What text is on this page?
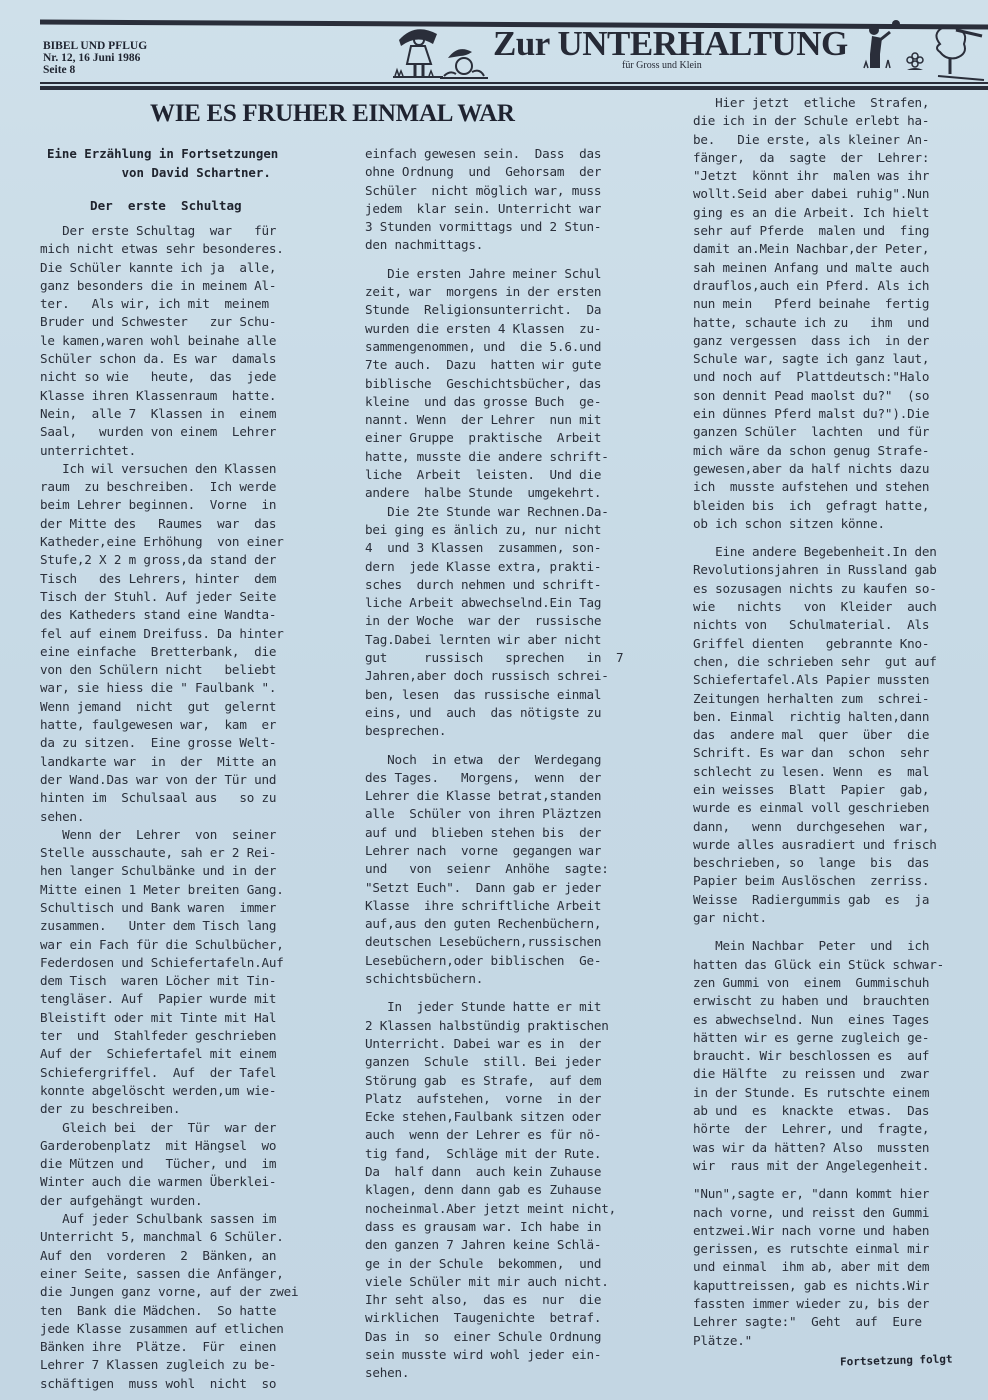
BIBEL UND PFLUG
Nr. 12, 16 Juni 1986
Seite 8
Zur UNTERHALTUNG
für Gross und Klein
WIE ES FRUHER EINMAL WAR
Eine Erzählung in Fortsetzungen
von David Schartner.
Der  erste  Schultag
Der erste Schultag  war   für
mich nicht etwas sehr besonderes.
Die Schüler kannte ich ja  alle,
ganz besonders die in meinem Al-
ter.   Als wir, ich mit  meinem
Bruder und Schwester   zur Schu-
le kamen,waren wohl beinahe alle
Schüler schon da. Es war  damals
nicht so wie   heute,  das  jede
Klasse ihren Klassenraum  hatte.
Nein,  alle 7  Klassen in  einem
Saal,   wurden von einem  Lehrer
unterrichtet.
Ich wil versuchen den Klassen
raum  zu beschreiben.  Ich werde
beim Lehrer beginnen.  Vorne  in
der Mitte des   Raumes  war  das
Katheder,eine Erhöhung  von einer
Stufe,2 X 2 m gross,da stand der
Tisch   des Lehrers, hinter  dem
Tisch der Stuhl. Auf jeder Seite
des Katheders stand eine Wandta-
fel auf einem Dreifuss. Da hinter
eine einfache  Bretterbank,  die
von den Schülern nicht   beliebt
war, sie hiess die " Faulbank ".
Wenn jemand  nicht  gut  gelernt
hatte, faulgewesen war,  kam  er
da zu sitzen.  Eine grosse Welt-
landkarte war  in  der  Mitte an
der Wand.Das war von der Tür und
hinten im  Schulsaal aus   so zu
sehen.
Wenn der  Lehrer  von  seiner
Stelle ausschaute, sah er 2 Rei-
hen langer Schulbänke und in der
Mitte einen 1 Meter breiten Gang.
Schultisch und Bank waren  immer
zusammen.   Unter dem Tisch lang
war ein Fach für die Schulbücher,
Federdosen und Schiefertafeln.Auf
dem Tisch  waren Löcher mit Tin-
tengläser. Auf  Papier wurde mit
Bleistift oder mit Tinte mit Hal
ter  und  Stahlfeder geschrieben
Auf der  Schiefertafel mit einem
Schiefergriffel.  Auf  der Tafel
konnte abgelöscht werden,um wie-
der zu beschreiben.
Gleich bei  der  Tür  war der
Garderobenplatz  mit Hängsel  wo
die Mützen und   Tücher, und  im
Winter auch die warmen Überklei-
der aufgehängt wurden.
Auf jeder Schulbank sassen im
Unterricht 5, manchmal 6 Schüler.
Auf den  vorderen  2  Bänken, an
einer Seite, sassen die Anfänger,
die Jungen ganz vorne, auf der zwei
ten  Bank die Mädchen.  So hatte
jede Klasse zusammen auf etlichen
Bänken ihre  Plätze.  Für  einen
Lehrer 7 Klassen zugleich zu be-
schäftigen  muss wohl  nicht  so
einfach gewesen sein.  Dass  das
ohne Ordnung  und  Gehorsam  der
Schüler  nicht möglich war, muss
jedem  klar sein. Unterricht war
3 Stunden vormittags und 2 Stun-
den nachmittags.
Die ersten Jahre meiner Schul
zeit, war  morgens in der ersten
Stunde  Religionsunterricht.  Da
wurden die ersten 4 Klassen  zu-
sammengenommen, und  die 5.6.und
7te auch.  Dazu  hatten wir gute
biblische  Geschichtsbücher, das
kleine  und das grosse Buch  ge-
nannt. Wenn  der Lehrer  nun mit
einer Gruppe  praktische  Arbeit
hatte, musste die andere schrift-
liche  Arbeit  leisten.  Und die
andere  halbe Stunde  umgekehrt.
Die 2te Stunde war Rechnen.Da-
bei ging es änlich zu, nur nicht
4  und 3 Klassen  zusammen, son-
dern  jede Klasse extra, prakti-
sches  durch nehmen und schrift-
liche Arbeit abwechselnd.Ein Tag
in der Woche  war der  russische
Tag.Dabei lernten wir aber nicht
gut     russisch   sprechen   in  7
Jahren,aber doch russisch schrei-
ben, lesen  das russische einmal
eins, und  auch  das nötigste zu
besprechen.
Noch  in etwa  der  Werdegang
des Tages.   Morgens,  wenn  der
Lehrer die Klasse betrat,standen
alle  Schüler von ihren Pläztzen
auf und  blieben stehen bis  der
Lehrer nach  vorne  gegangen war
und   von  seienr  Anhöhe  sagte:
"Setzt Euch".  Dann gab er jeder
Klasse  ihre schriftliche Arbeit
auf,aus den guten Rechenbüchern,
deutschen Lesebüchern,russischen
Lesebüchern,oder biblischen  Ge-
schichtsbüchern.
In  jeder Stunde hatte er mit
2 Klassen halbstündig praktischen
Unterricht. Dabei war es in  der
ganzen  Schule  still. Bei jeder
Störung gab  es Strafe,  auf dem
Platz  aufstehen,  vorne  in der
Ecke stehen,Faulbank sitzen oder
auch  wenn der Lehrer es für nö-
tig fand,  Schläge mit der Rute.
Da  half dann  auch kein Zuhause
klagen, denn dann gab es Zuhause
nocheinmal.Aber jetzt meint nicht,
dass es grausam war. Ich habe in
den ganzen 7 Jahren keine Schlä-
ge in der Schule  bekommen,  und
viele Schüler mit mir auch nicht.
Ihr seht also,  das es  nur  die
wirklichen  Taugenichte  betraf.
Das in  so  einer Schule Ordnung
sein musste wird wohl jeder ein-
sehen.
Hier jetzt  etliche  Strafen,
die ich in der Schule erlebt ha-
be.   Die erste, als kleiner An-
fänger,  da  sagte  der  Lehrer:
"Jetzt  könnt ihr  malen was ihr
wollt.Seid aber dabei ruhig".Nun
ging es an die Arbeit. Ich hielt
sehr auf Pferde  malen und  fing
damit an.Mein Nachbar,der Peter,
sah meinen Anfang und malte auch
drauflos,auch ein Pferd. Als ich
nun mein   Pferd beinahe  fertig
hatte, schaute ich zu   ihm  und
ganz vergessen  dass ich  in der
Schule war, sagte ich ganz laut,
und noch auf  Plattdeutsch:"Halo
son dennit Pead maolst du?"  (so
ein dünnes Pferd malst du?").Die
ganzen Schüler  lachten  und für
mich wäre da schon genug Strafe-
gewesen,aber da half nichts dazu
ich  musste aufstehen und stehen
bleiden bis  ich  gefragt hatte,
ob ich schon sitzen könne.
Eine andere Begebenheit.In den
Revolutionsjahren in Russland gab
es sozusagen nichts zu kaufen so-
wie   nichts   von  Kleider  auch
nichts von   Schulmaterial.  Als
Griffel dienten   gebrannte Kno-
chen, die schrieben sehr  gut auf
Schiefertafel.Als Papier mussten
Zeitungen herhalten zum  schrei-
ben. Einmal  richtig halten,dann
das  andere mal  quer  über  die
Schrift. Es war dan  schon  sehr
schlecht zu lesen. Wenn  es  mal
ein weisses  Blatt  Papier  gab,
wurde es einmal voll geschrieben
dann,   wenn  durchgesehen  war,
wurde alles ausradiert und frisch
beschrieben, so  lange  bis  das
Papier beim Auslöschen  zerriss.
Weisse  Radiergummis gab  es  ja
gar nicht.
Mein Nachbar  Peter  und  ich
hatten das Glück ein Stück schwar-
zen Gummi von  einem  Gummischuh
erwischt zu haben und  brauchten
es abwechselnd. Nun  eines Tages
hätten wir es gerne zugleich ge-
braucht. Wir beschlossen es  auf
die Hälfte  zu reissen und  zwar
in der Stunde. Es rutschte einem
ab und  es  knackte  etwas.  Das
hörte  der  Lehrer, und  fragte,
was wir da hätten? Also  mussten
wir  raus mit der Angelegenheit.
"Nun",sagte er, "dann kommt hier
nach vorne, und reisst den Gummi
entzwei.Wir nach vorne und haben
gerissen, es rutschte einmal mir
und einmal  ihm ab, aber mit dem
kaputtreissen, gab es nichts.Wir
fassten immer wieder zu, bis der
Lehrer sagte:"  Geht  auf  Eure
Plätze."
Fortsetzung folgt
